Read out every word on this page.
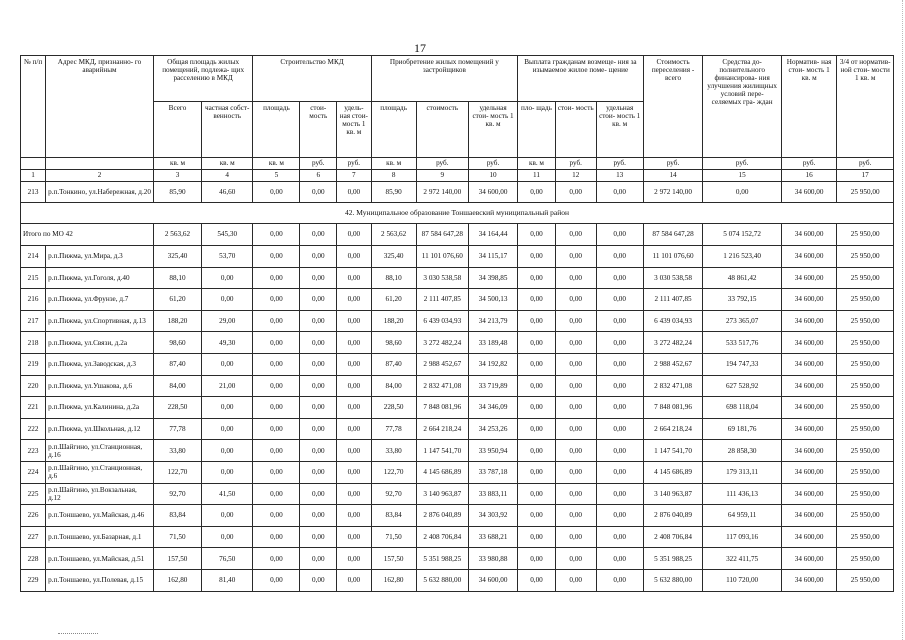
17
№ п/п	Адрес МКД, признанно- го аварийным	Общая площадь жилых помещений, подлежа- щих расселению в МКД		Строительство МКД			Приобретение жилых помещений у застройщиков			Выплата гражданам возмеще- ния за изымаемое жилое поме- щение			Стоимость переселения - всего	Средства до- полнительного финансирова- ния улучшения жилищных условий пере- селяемых гра- ждан	Норматив- ная стои- мость 1 кв. м	3/4 от норматив- ной стои- мости 1 кв. м
		Всего	частная собст- венность	площадь	стои- мость	удель- ная стои- мость 1 кв. м	площадь	стоимость	удельная стои- мость 1 кв. м	пло- щадь	стои- мость	удельная стои- мость 1 кв. м				
		кв. м	кв. м	кв. м	руб.	руб.	кв. м	руб.	руб.	кв. м	руб.	руб.	руб.	руб.	руб.	руб.
1	2	3	4	5	6	7	8	9	10	11	12	13	14	15	16	17
213	р.п.Тонкино, ул.Набережная, д.20	85,90	46,60	0,00	0,00	0,00	85,90	2 972 140,00	34 600,00	0,00	0,00	0,00	2 972 140,00	0,00	34 600,00	25 950,00
42. Муниципальное образование Тоншаевский муниципальный район																
Итого по МО 42		2 563,62	545,30	0,00	0,00	0,00	2 563,62	87 584 647,28	34 164,44	0,00	0,00	0,00	87 584 647,28	5 074 152,72	34 600,00	25 950,00
214	р.п.Пижма, ул.Мира, д.3	325,40	53,70	0,00	0,00	0,00	325,40	11 101 076,60	34 115,17	0,00	0,00	0,00	11 101 076,60	1 216 523,40	34 600,00	25 950,00
215	р.п.Пижма, ул.Гоголя, д.40	88,10	0,00	0,00	0,00	0,00	88,10	3 030 538,58	34 398,85	0,00	0,00	0,00	3 030 538,58	48 861,42	34 600,00	25 950,00
216	р.п.Пижма, ул.Фрунзе, д.7	61,20	0,00	0,00	0,00	0,00	61,20	2 111 407,85	34 500,13	0,00	0,00	0,00	2 111 407,85	33 792,15	34 600,00	25 950,00
217	р.п.Пижма, ул.Спортивная, д.13	188,20	29,00	0,00	0,00	0,00	188,20	6 439 034,93	34 213,79	0,00	0,00	0,00	6 439 034,93	273 365,07	34 600,00	25 950,00
218	р.п.Пижма, ул.Связи, д.2а	98,60	49,30	0,00	0,00	0,00	98,60	3 272 482,24	33 189,48	0,00	0,00	0,00	3 272 482,24	533 517,76	34 600,00	25 950,00
219	р.п.Пижма, ул.Заводская, д.3	87,40	0,00	0,00	0,00	0,00	87,40	2 988 452,67	34 192,82	0,00	0,00	0,00	2 988 452,67	194 747,33	34 600,00	25 950,00
220	р.п.Пижма, ул.Ушакова, д.6	84,00	21,00	0,00	0,00	0,00	84,00	2 832 471,08	33 719,89	0,00	0,00	0,00	2 832 471,08	627 528,92	34 600,00	25 950,00
221	р.п.Пижма, ул.Калинина, д.2а	228,50	0,00	0,00	0,00	0,00	228,50	7 848 081,96	34 346,09	0,00	0,00	0,00	7 848 081,96	698 118,04	34 600,00	25 950,00
222	р.п.Пижма, ул.Школьная, д.12	77,78	0,00	0,00	0,00	0,00	77,78	2 664 218,24	34 253,26	0,00	0,00	0,00	2 664 218,24	69 181,76	34 600,00	25 950,00
223	р.п.Шайгино, ул.Станционная, д.16	33,80	0,00	0,00	0,00	0,00	33,80	1 147 541,70	33 950,94	0,00	0,00	0,00	1 147 541,70	28 858,30	34 600,00	25 950,00
224	р.п.Шайгино, ул.Станционная, д.6	122,70	0,00	0,00	0,00	0,00	122,70	4 145 686,89	33 787,18	0,00	0,00	0,00	4 145 686,89	179 313,11	34 600,00	25 950,00
225	р.п.Шайгино, ул.Вокзальная, д.12	92,70	41,50	0,00	0,00	0,00	92,70	3 140 963,87	33 883,11	0,00	0,00	0,00	3 140 963,87	111 436,13	34 600,00	25 950,00
226	р.п.Тоншаево, ул.Майская, д.46	83,84	0,00	0,00	0,00	0,00	83,84	2 876 040,89	34 303,92	0,00	0,00	0,00	2 876 040,89	64 959,11	34 600,00	25 950,00
227	р.п.Тоншаево, ул.Базарная, д.1	71,50	0,00	0,00	0,00	0,00	71,50	2 408 706,84	33 688,21	0,00	0,00	0,00	2 408 706,84	117 093,16	34 600,00	25 950,00
228	р.п.Тоншаево, ул.Майская, д.51	157,50	76,50	0,00	0,00	0,00	157,50	5 351 988,25	33 980,88	0,00	0,00	0,00	5 351 988,25	322 411,75	34 600,00	25 950,00
229	р.п.Тоншаево, ул.Полевая, д.15	162,80	81,40	0,00	0,00	0,00	162,80	5 632 880,00	34 600,00	0,00	0,00	0,00	5 632 880,00	110 720,00	34 600,00	25 950,00
